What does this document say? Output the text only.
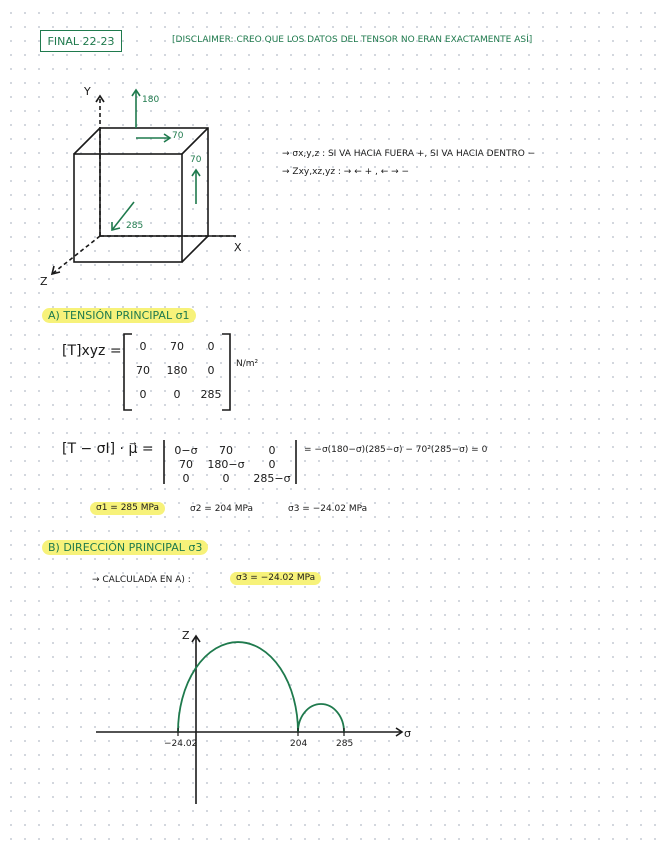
FINAL 22-23	[DISCLAIMER: CREO QUE LOS DATOS DEL TENSOR NO ERAN EXACTAMENTE ASÍ]
Y
X
Z
180
70
70
285
→ σx,y,z : SI VA HACIA FUERA +, SI VA HACIA DENTRO −
→ Zxy,xz,yz : → ← + , ← → −
A) TENSIÓN PRINCIPAL σ1
[T]xyz =	0	70	0
70	180	0
0	0	285
N/m²
[T − σI] · μ⃗ =	0−σ	70	0
70	180−σ	0
0	0	285−σ
= −σ(180−σ)(285−σ) − 70²(285−σ) = 0
σ1 = 285 MPa	σ2 = 204 MPa	σ3 = −24.02 MPa
B) DIRECCIÓN PRINCIPAL σ3
→ CALCULADA EN A) :	σ3 = −24.02 MPa
Z
σ
−24.02	204	285
